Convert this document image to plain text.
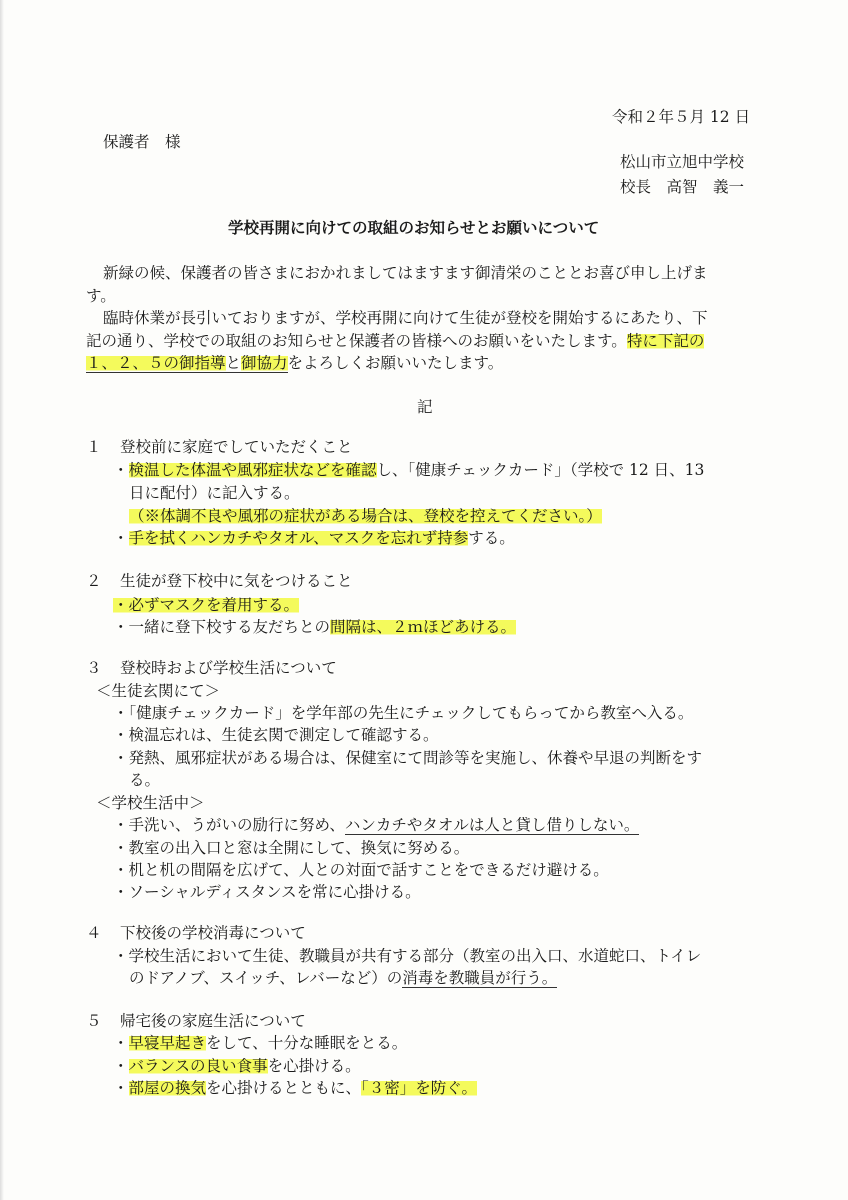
令和２年５月 12 日
保護者　様
松山市立旭中学校
校長　高智　義一
学校再開に向けての取組のお知らせとお願いについて
新緑の候、保護者の皆さまにおかれましてはますます御清栄のこととお喜び申し上げま
す。
臨時休業が長引いておりますが、学校再開に向けて生徒が登校を開始するにあたり、下
記の通り、学校での取組のお知らせと保護者の皆様へのお願いをいたします。特に下記の
１、２、５の御指導と御協力をよろしくお願いいたします。
記
１ 登校前に家庭でしていただくこと
・検温した体温や風邪症状などを確認し、「健康チェックカード」（学校で 12 日、13
日に配付）に記入する。
（※体調不良や風邪の症状がある場合は、登校を控えてください。）
・手を拭くハンカチやタオル、マスクを忘れず持参する。
２ 生徒が登下校中に気をつけること
・必ずマスクを着用する。
・一緒に登下校する友だちとの間隔は、２ｍほどあける。
３ 登校時および学校生活について
＜生徒玄関にて＞
・「健康チェックカード」を学年部の先生にチェックしてもらってから教室へ入る。
・検温忘れは、生徒玄関で測定して確認する。
・発熱、風邪症状がある場合は、保健室にて問診等を実施し、休養や早退の判断をす
る。
＜学校生活中＞
・手洗い、うがいの励行に努め、ハンカチやタオルは人と貸し借りしない。
・教室の出入口と窓は全開にして、換気に努める。
・机と机の間隔を広げて、人との対面で話すことをできるだけ避ける。
・ソーシャルディスタンスを常に心掛ける。
４ 下校後の学校消毒について
・学校生活において生徒、教職員が共有する部分（教室の出入口、水道蛇口、トイレ
のドアノブ、スイッチ、レバーなど）の消毒を教職員が行う。
５ 帰宅後の家庭生活について
・早寝早起きをして、十分な睡眠をとる。
・バランスの良い食事を心掛ける。
・部屋の換気を心掛けるとともに、「３密」を防ぐ。
